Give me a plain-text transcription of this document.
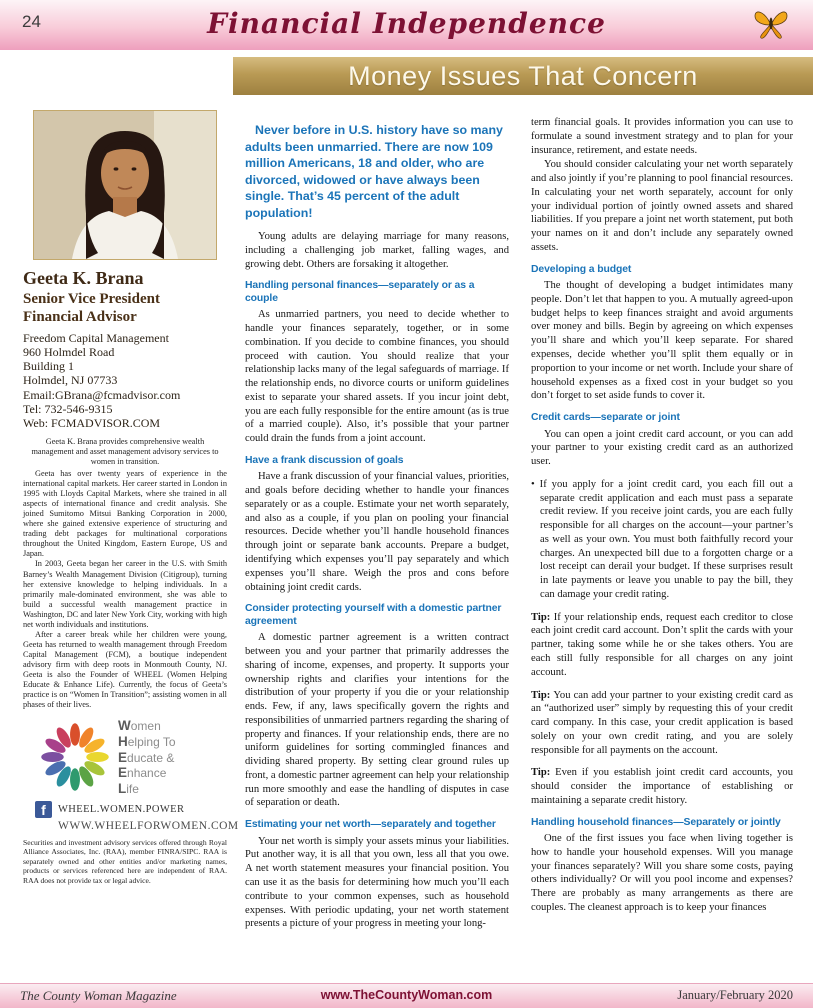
24	Financial Independence
Money Issues That Concern
Geeta K. Brana
Senior Vice President
Financial Advisor
Freedom Capital Management
960 Holmdel Road
Building 1
Holmdel, NJ 07733
Email:GBrana@fcmadvisor.com
Tel: 732-546-9315
Web: FCMADVISOR.COM

Geeta K. Brana provides comprehensive wealth management and asset management advisory services to women in transition.

Geeta has over twenty years of experience in the international capital markets. Her career started in London in 1995 with Lloyds Capital Markets, where she trained in all aspects of international finance and credit analysis. She joined Sumitomo Mitsui Banking Corporation in 2000, where she gained extensive experience of structuring and trading debt packages for multinational corporations throughout the United Kingdom, Eastern Europe, US and Japan.

In 2003, Geeta began her career in the U.S. with Smith Barney’s Wealth Management Division (Citigroup), turning her extensive knowledge to helping individuals. In a primarily male-dominated environment, she was able to build a successful wealth management practice in Washington, DC and later New York City, working with high net worth individuals and institutions.

After a career break while her children were young, Geeta has returned to wealth management through Freedom Capital Management (FCM), a boutique independent advisory firm with deep roots in Monmouth County, NJ. Geeta is also the Founder of WHEEL (Women Helping Educate & Enhance Life). Currently, the focus of Geeta’s practice is on “Women In Transition”; assisting women in all phases of their lives.

Women
Helping To
Educate &
Enhance
Life
f	WHEEL.WOMEN.POWER
WWW.WHEELFORWOMEN.COM

Securities and investment advisory services offered through Royal Alliance Associates, Inc. (RAA), member FINRA/SIPC. RAA is separately owned and other entities and/or marketing names, products or services referenced here are independent of RAA. RAA does not provide tax or legal advice.

Never before in U.S. history have so many adults been unmarried. There are now 109 million Americans, 18 and older, who are divorced, widowed or have always been single. That’s 45 percent of the adult population!

Young adults are delaying marriage for many reasons, including a challenging job market, falling wages, and growing debt. Others are forsaking it altogether.

Handling personal finances—separately or as a couple

As unmarried partners, you need to decide whether to handle your finances separately, together, or in some combination. If you decide to combine finances, you should proceed with caution. You should realize that your relationship lacks many of the legal safeguards of marriage. If the relationship ends, no divorce courts or uniform guidelines exist to separate your shared assets. If you incur joint debt, you are each fully responsible for the entire amount (as is true of a married couple). Also, it’s possible that your partner could drain the funds from a joint account.

Have a frank discussion of goals

Have a frank discussion of your financial values, priorities, and goals before deciding whether to handle your finances separately or as a couple. Estimate your net worth separately, and also as a couple, if you plan on pooling your financial resources. Decide whether you’ll handle household finances through joint or separate bank accounts. Prepare a budget, identifying which expenses you’ll pay separately and which expenses you’ll share. Weigh the pros and cons before obtaining joint credit cards.

Consider protecting yourself with a domestic partner agreement

A domestic partner agreement is a written contract between you and your partner that primarily addresses the sharing of income, expenses, and property. It supports your ownership rights and clarifies your intentions for the distribution of your property if you die or your relationship ends. Few, if any, laws specifically govern the rights and responsibilities of unmarried partners regarding the sharing of property and finances. If your relationship ends, there are no uniform guidelines for sorting commingled finances and dividing shared property. By setting clear ground rules up front, a domestic partner agreement can help your relationship run more smoothly and ease the handling of disputes in case of separation or death.

Estimating your net worth—separately and together

Your net worth is simply your assets minus your liabilities. Put another way, it is all that you own, less all that you owe. A net worth statement measures your financial position. You can use it as the basis for determining how much you’ll each contribute to your common expenses, such as household expenses. With periodic updating, your net worth statement presents a picture of your progress in meeting your long-

term financial goals. It provides information you can use to formulate a sound investment strategy and to plan for your insurance, retirement, and estate needs.

You should consider calculating your net worth separately and also jointly if you’re planning to pool financial resources. In calculating your net worth separately, account for only your individual portion of jointly owned assets and shared liabilities. If you prepare a joint net worth statement, put both your names on it and don’t include any separately owned assets.

Developing a budget

The thought of developing a budget intimidates many people. Don’t let that happen to you. A mutually agreed-upon budget helps to keep finances straight and avoid arguments over money and bills. Begin by agreeing on which expenses you’ll share and which you’ll keep separate. For shared expenses, decide whether you’ll split them equally or in proportion to your income or net worth. Include your share of household expenses as a fixed cost in your budget so you don’t forget to set aside funds to cover it.

Credit cards—separate or joint

You can open a joint credit card account, or you can add your partner to your existing credit card as an authorized user.

• If you apply for a joint credit card, you each fill out a separate credit application and each must pass a separate credit review. If you receive joint cards, you are each fully responsible for all charges on the account—your partner’s as well as your own. You must both faithfully record your charges. An unexpected bill due to a forgotten charge or a lost receipt can derail your budget. If these surprises result in late payments or leave you unable to pay the bill, they can damage your credit rating.

Tip: If your relationship ends, request each creditor to close each joint credit card account. Don’t split the cards with your partner, taking some while he or she takes others. You are each still fully responsible for all charges on any joint account.

Tip: You can add your partner to your existing credit card as an “authorized user” simply by requesting this of your credit card company. In this case, your credit application is based solely on your own credit rating, and you are solely responsible for all payments on the account.

Tip: Even if you establish joint credit card accounts, you should consider the importance of establishing or maintaining a separate credit history.

Handling household finances—Separately or jointly

One of the first issues you face when living together is how to handle your household expenses. Will you manage your finances separately? Will you share some costs, paying others individually? Or will you pool income and expenses? There are probably as many arrangements as there are couples. The cleanest approach is to keep your finances

The County Woman Magazine	www.TheCountyWoman.com	January/February 2020
